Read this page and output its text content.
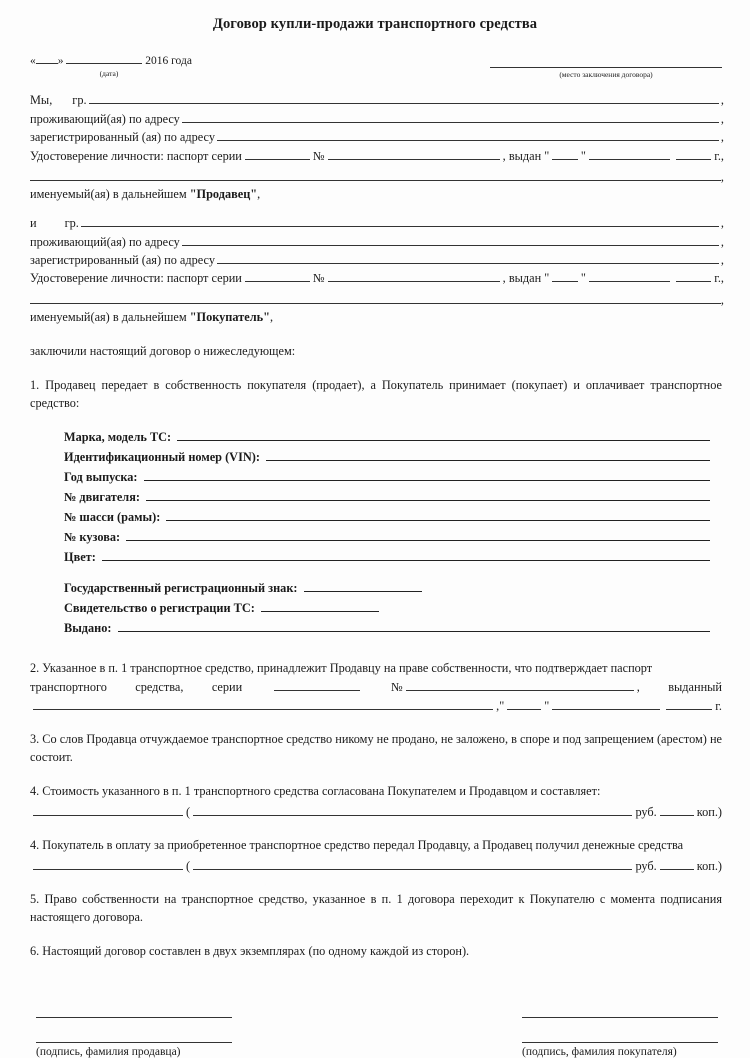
Договор купли-продажи транспортного средства
« »	2016 года
(дата)	(место заключения договора)
Мы, гр.	,
проживающий(ая) по адресу	,
зарегистрированный (ая) по адресу	,
Удостоверение личности: паспорт серии	№	, выдан "	"	г.,
,
именуемый(ая) в дальнейшем "Продавец",
и гр.	,
проживающий(ая) по адресу	,
зарегистрированный (ая) по адресу	,
Удостоверение личности: паспорт серии	№	, выдан "	"	г.,
,
именуемый(ая) в дальнейшем "Покупатель",
заключили настоящий договор о нижеследующем:
1. Продавец передает в собственность покупателя (продает), а Покупатель принимает (покупает) и оплачивает транспортное средство:
Марка, модель ТС:
Идентификационный номер (VIN):
Год выпуска:
№ двигателя:
№ шасси (рамы):
№ кузова:
Цвет:
Государственный регистрационный знак:
Свидетельство о регистрации ТС:
Выдано:
2. Указанное в п. 1 транспортное средство, принадлежит Продавцу на праве собственности, что подтверждает паспорт
транспортного средства, серии	№	, выданный
, "	"	г.
3. Со слов Продавца отчуждаемое транспортное средство никому не продано, не заложено, в споре и под запрещением (арестом) не состоит.
4. Стоимость указанного в п. 1 транспортного средства согласована Покупателем и Продавцом и составляет:
(	руб.	коп.)
4. Покупатель в оплату за приобретенное транспортное средство передал Продавцу, а Продавец получил денежные средства
(	руб.	коп.)
5. Право собственности на транспортное средство, указанное в п. 1 договора переходит к Покупателю с момента подписания настоящего договора.
6. Настоящий договор составлен в двух экземплярах (по одному каждой из сторон).
(подпись, фамилия продавца)	(подпись, фамилия покупателя)
